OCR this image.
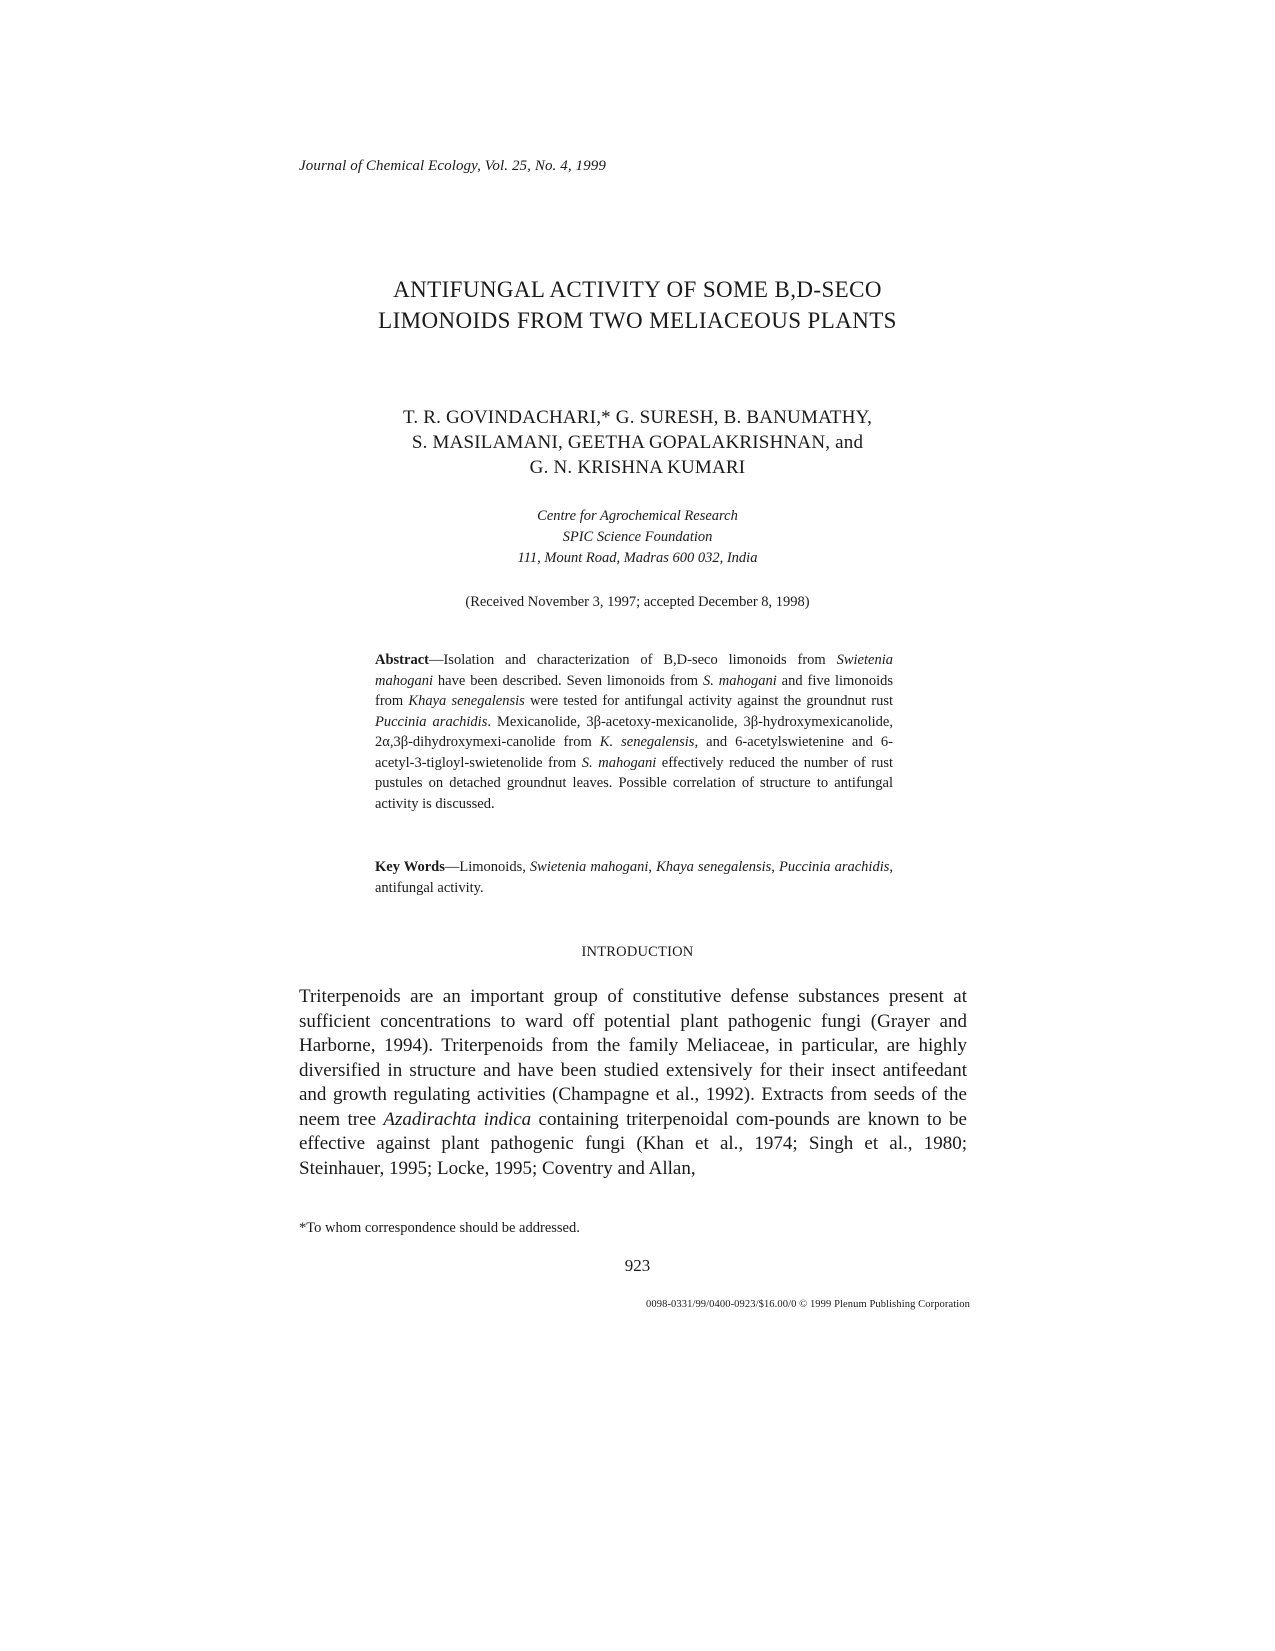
Journal of Chemical Ecology, Vol. 25, No. 4, 1999
ANTIFUNGAL ACTIVITY OF SOME B,D-SECO
LIMONOIDS FROM TWO MELIACEOUS PLANTS
T. R. GOVINDACHARI,* G. SURESH, B. BANUMATHY,
S. MASILAMANI, GEETHA GOPALAKRISHNAN, and
G. N. KRISHNA KUMARI
Centre for Agrochemical Research
SPIC Science Foundation
111, Mount Road, Madras 600 032, India
(Received November 3, 1997; accepted December 8, 1998)
Abstract—Isolation and characterization of B,D-seco limonoids from Swietenia mahogani have been described. Seven limonoids from S. mahogani and five limonoids from Khaya senegalensis were tested for antifungal activity against the groundnut rust Puccinia arachidis. Mexicanolide, 3β-acetoxy-mexicanolide, 3β-hydroxymexicanolide, 2α,3β-dihydroxymexi-canolide from K. senegalensis, and 6-acetylswietenine and 6-acetyl-3-tigloyl-swietenolide from S. mahogani effectively reduced the number of rust pustules on detached groundnut leaves. Possible correlation of structure to antifungal activity is discussed.
Key Words—Limonoids, Swietenia mahogani, Khaya senegalensis, Puccinia arachidis, antifungal activity.
INTRODUCTION
Triterpenoids are an important group of constitutive defense substances present at sufficient concentrations to ward off potential plant pathogenic fungi (Grayer and Harborne, 1994). Triterpenoids from the family Meliaceae, in particular, are highly diversified in structure and have been studied extensively for their insect antifeedant and growth regulating activities (Champagne et al., 1992). Extracts from seeds of the neem tree Azadirachta indica containing triterpenoidal com-pounds are known to be effective against plant pathogenic fungi (Khan et al., 1974; Singh et al., 1980; Steinhauer, 1995; Locke, 1995; Coventry and Allan,
*To whom correspondence should be addressed.
923
0098-0331/99/0400-0923/$16.00/0 © 1999 Plenum Publishing Corporation
